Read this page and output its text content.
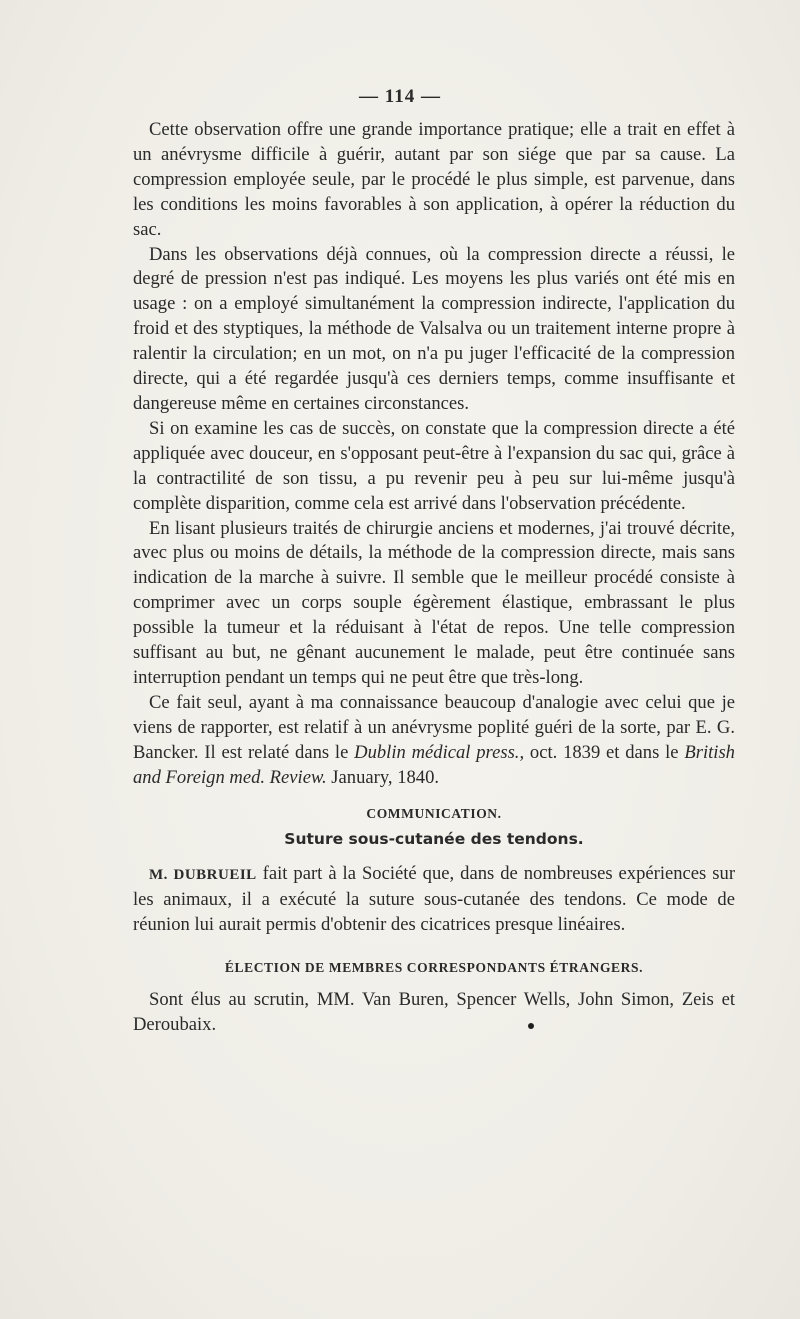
— 114 —

Cette observation offre une grande importance pratique; elle a trait en effet à un anévrysme difficile à guérir, autant par son siége que par sa cause. La compression employée seule, par le procédé le plus simple, est parvenue, dans les conditions les moins favorables à son application, à opérer la réduction du sac.

Dans les observations déjà connues, où la compression directe a réussi, le degré de pression n'est pas indiqué. Les moyens les plus variés ont été mis en usage : on a employé simultanément la compression indirecte, l'application du froid et des styptiques, la méthode de Valsalva ou un traitement interne propre à ralentir la circulation; en un mot, on n'a pu juger l'efficacité de la compression directe, qui a été regardée jusqu'à ces derniers temps, comme insuffisante et dangereuse même en certaines circonstances.

Si on examine les cas de succès, on constate que la compression directe a été appliquée avec douceur, en s'opposant peut-être à l'expansion du sac qui, grâce à la contractilité de son tissu, a pu revenir peu à peu sur lui-même jusqu'à complète disparition, comme cela est arrivé dans l'observation précédente.

En lisant plusieurs traités de chirurgie anciens et modernes, j'ai trouvé décrite, avec plus ou moins de détails, la méthode de la compression directe, mais sans indication de la marche à suivre. Il semble que le meilleur procédé consiste à comprimer avec un corps souple égèrement élastique, embrassant le plus possible la tumeur et la réduisant à l'état de repos. Une telle compression suffisant au but, ne gênant aucunement le malade, peut être continuée sans interruption pendant un temps qui ne peut être que très-long.

Ce fait seul, ayant à ma connaissance beaucoup d'analogie avec celui que je viens de rapporter, est relatif à un anévrysme poplité guéri de la sorte, par E. G. Bancker. Il est relaté dans le Dublin médical press., oct. 1839 et dans le British and Foreign med. Review. January, 1840.

COMMUNICATION.
Suture sous-cutanée des tendons.

M. DUBRUEIL fait part à la Société que, dans de nombreuses expériences sur les animaux, il a exécuté la suture sous-cutanée des tendons. Ce mode de réunion lui aurait permis d'obtenir des cicatrices presque linéaires.

ÉLECTION DE MEMBRES CORRESPONDANTS ÉTRANGERS.

Sont élus au scrutin, MM. Van Buren, Spencer Wells, John Simon, Zeis et Deroubaix.
